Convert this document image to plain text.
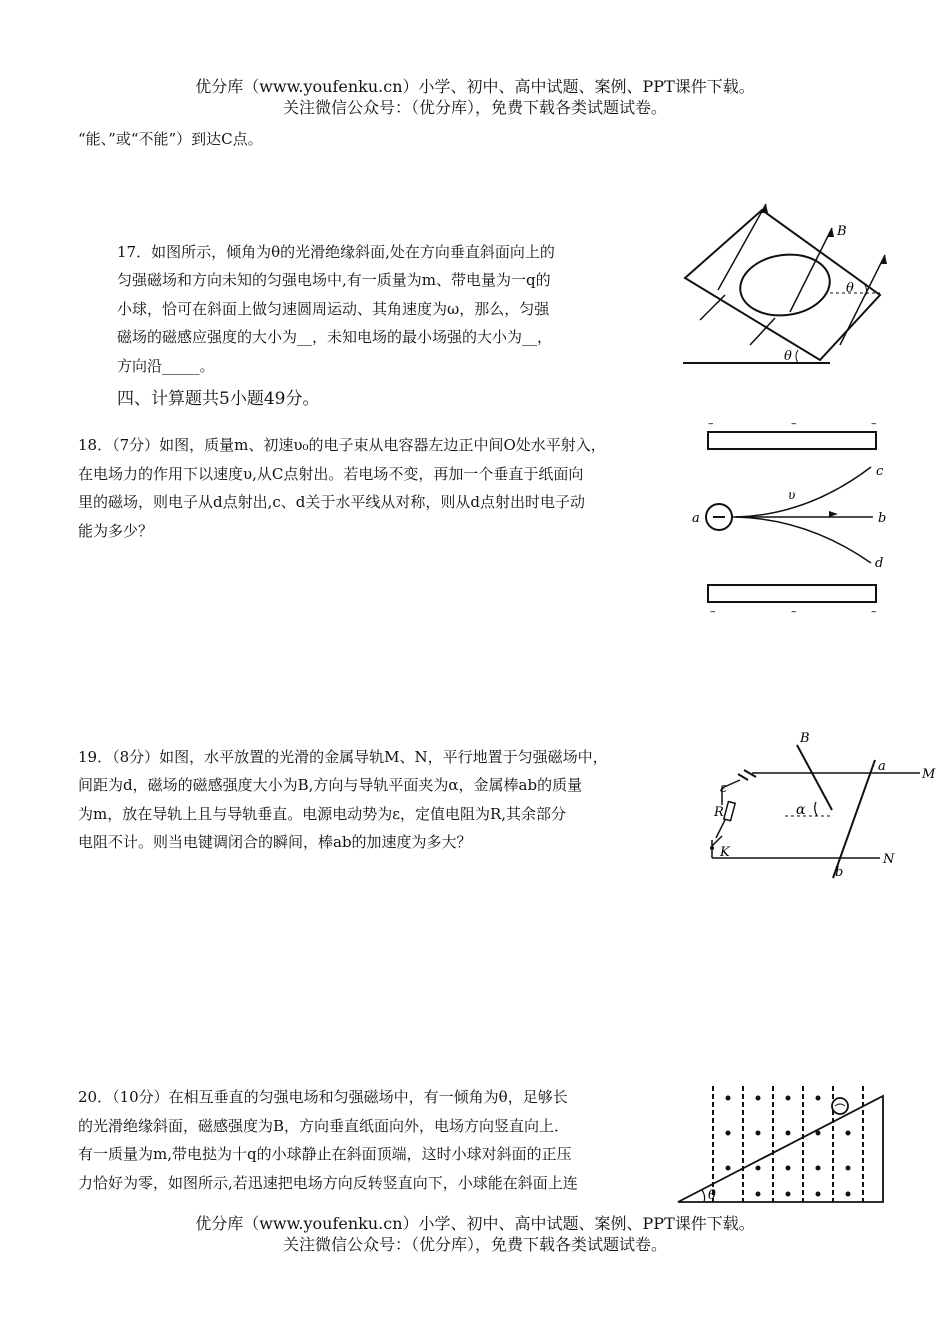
优分库（www.youfenku.cn）小学、初中、高中试题、案例、PPT课件下载。
关注微信公众号：（优分库），免费下载各类试题试卷。
“能、”或“不能”）到达C点。
17．如图所示，倾角为θ的光滑绝缘斜面,处在方向垂直斜面向上的
匀强磁场和方向未知的匀强电场中,有一质量为m、带电量为一q的
小球，恰可在斜面上做匀速圆周运动、其角速度为ω，那么，匀强
磁场的磁感应强度的大小为__，未知电场的最小场强的大小为__，
方向沿_____。
B
θ
θ
四、计算题共5小题49分。
18．（7分）如图，质量m、初速υ₀的电子束从电容器左边正中间O处水平射入，
在电场力的作用下以速度υ,从C点射出。若电场不变，再加一个垂直于纸面向
里的磁场，则电子从d点射出,c、d关于水平线从对称，则从d点射出时电子动
能为多少？
–	–	–
–	–	–
a	b
c
d
υ
19．（8分）如图，水平放置的光滑的金属导轨M、N，平行地置于匀强磁场中，
间距为d，磁场的磁感强度大小为B,方向与导轨平面夹为α，金属棒ab的质量
为m，放在导轨上且与导轨垂直。电源电动势为ε，定值电阻为R,其余部分
电阻不计。则当电键调闭合的瞬间，棒ab的加速度为多大？
B
a
b
M
N
ε
R
K
α
20．（10分）在相互垂直的匀强电场和匀强磁场中，有一倾角为θ，足够长
的光滑绝缘斜面，磁感强度为B，方向垂直纸面向外，电场方向竖直向上．
有一质量为m,带电挞为十q的小球静止在斜面顶端，这时小球对斜面的正压
力恰好为零，如图所示,若迅速把电场方向反转竖直向下，小球能在斜面上连
θ
优分库（www.youfenku.cn）小学、初中、高中试题、案例、PPT课件下载。
关注微信公众号：（优分库），免费下载各类试题试卷。
